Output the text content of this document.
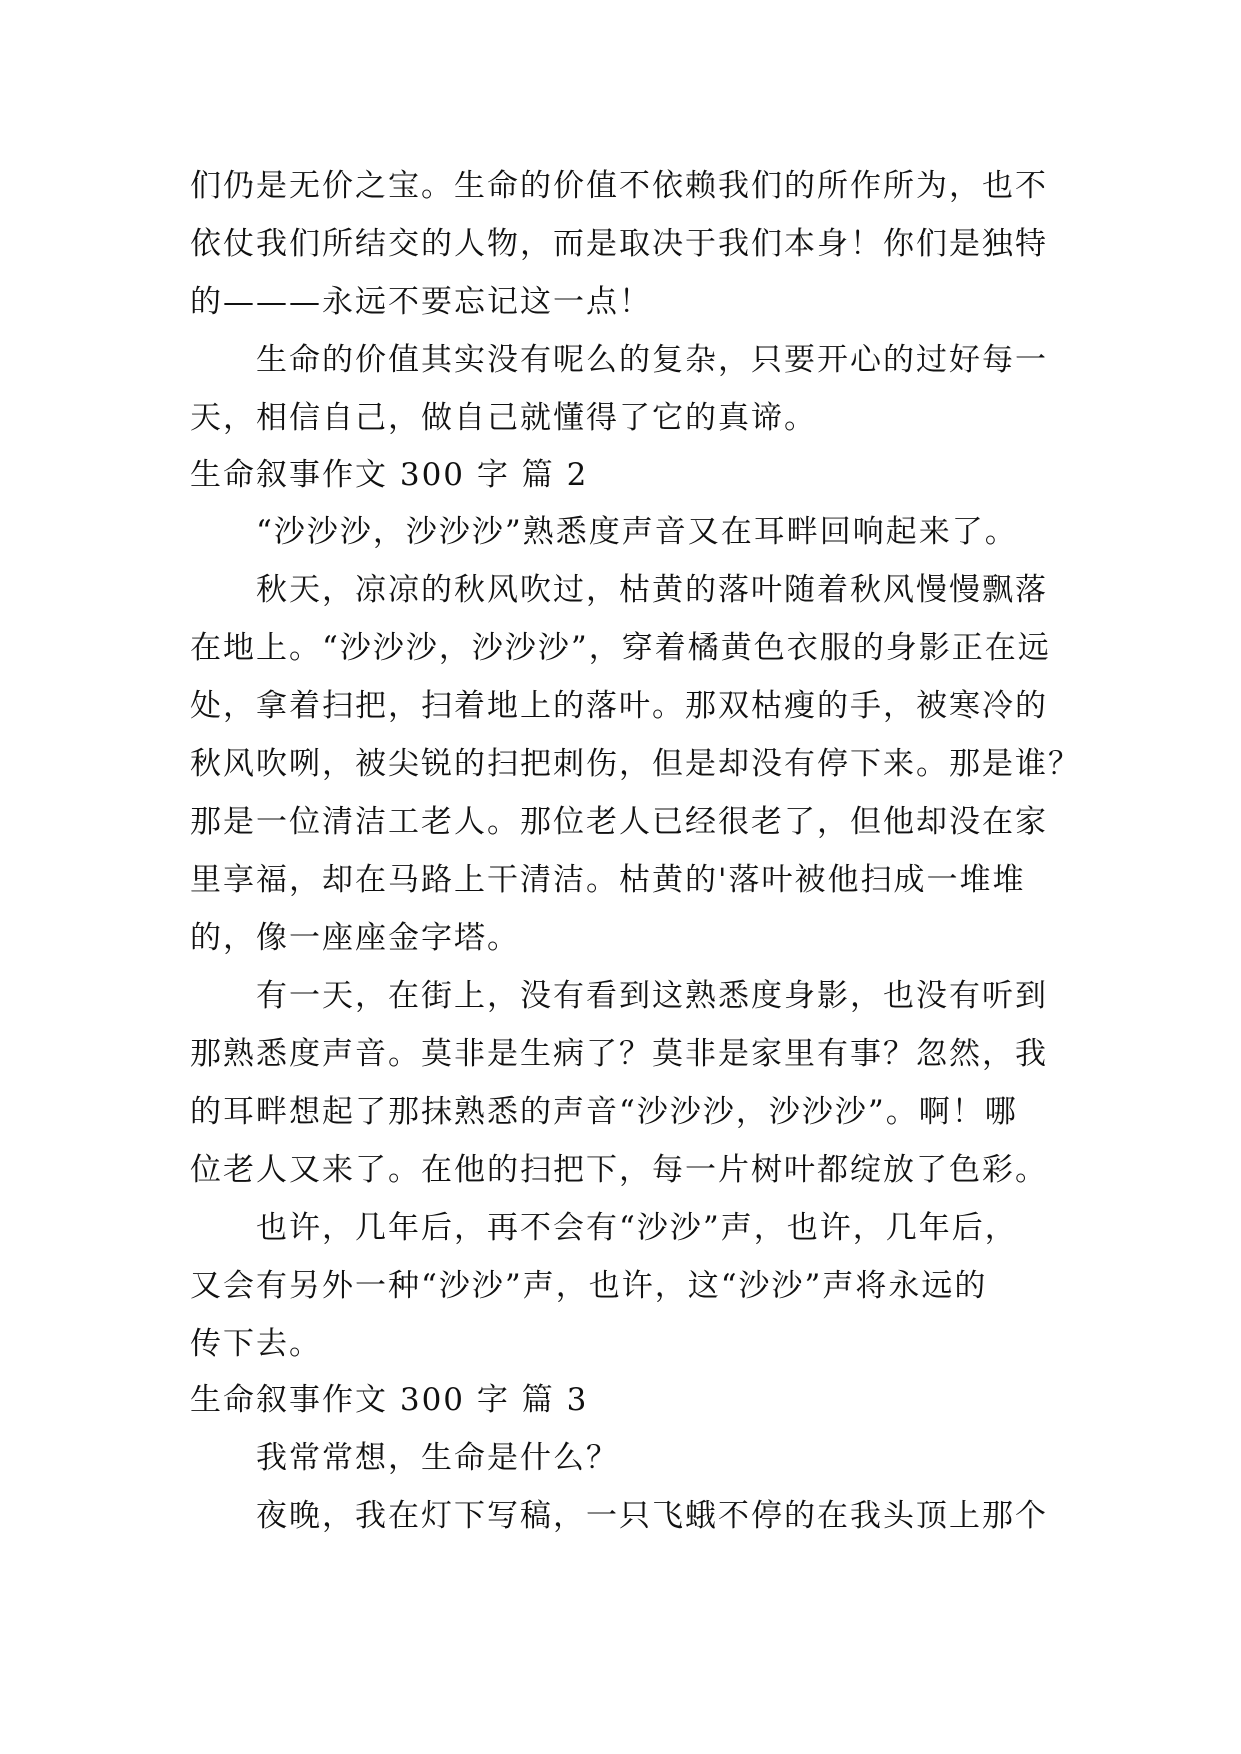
们仍是无价之宝。生命的价值不依赖我们的所作所为，也不
依仗我们所结交的人物，而是取决于我们本身！你们是独特
的———永远不要忘记这一点！
　　生命的价值其实没有呢么的复杂，只要开心的过好每一
天，相信自己，做自己就懂得了它的真谛。
生命叙事作文 300 字 篇 2
　　“沙沙沙，沙沙沙”熟悉度声音又在耳畔回响起来了。
　　秋天，凉凉的秋风吹过，枯黄的落叶随着秋风慢慢飘落
在地上。“沙沙沙，沙沙沙”，穿着橘黄色衣服的身影正在远
处，拿着扫把，扫着地上的落叶。那双枯瘦的手，被寒冷的
秋风吹咧，被尖锐的扫把刺伤，但是却没有停下来。那是谁？
那是一位清洁工老人。那位老人已经很老了，但他却没在家
里享福，却在马路上干清洁。枯黄的'落叶被他扫成一堆堆
的，像一座座金字塔。
　　有一天，在街上，没有看到这熟悉度身影，也没有听到
那熟悉度声音。莫非是生病了？莫非是家里有事？忽然，我
的耳畔想起了那抹熟悉的声音“沙沙沙，沙沙沙”。啊！哪
位老人又来了。在他的扫把下，每一片树叶都绽放了色彩。
　　也许，几年后，再不会有“沙沙”声，也许，几年后，
又会有另外一种“沙沙”声，也许，这“沙沙”声将永远的
传下去。
生命叙事作文 300 字 篇 3
　　我常常想，生命是什么？
　　夜晚，我在灯下写稿，一只飞蛾不停的在我头顶上那个
